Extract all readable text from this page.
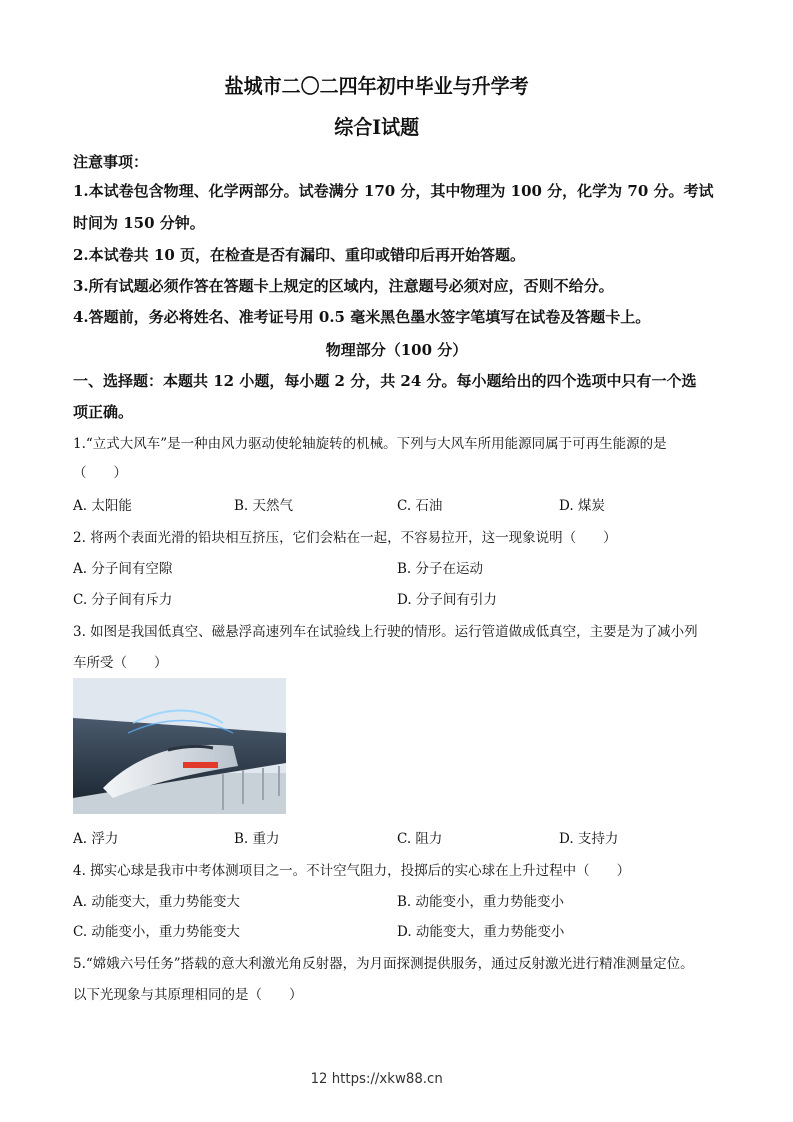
盐城市二〇二四年初中毕业与升学考
综合Ⅰ试题
注意事项：
1.本试卷包含物理、化学两部分。试卷满分 170 分，其中物理为 100 分，化学为 70 分。考试
时间为 150 分钟。
2.本试卷共 10 页，在检查是否有漏印、重印或错印后再开始答题。
3.所有试题必须作答在答题卡上规定的区域内，注意题号必须对应，否则不给分。
4.答题前，务必将姓名、准考证号用 0.5 毫米黑色墨水签字笔填写在试卷及答题卡上。
物理部分（100 分）
一、选择题：本题共 12 小题，每小题 2 分，共 24 分。每小题给出的四个选项中只有一个选
项正确。
1.“立式大风车”是一种由风力驱动使轮轴旋转的机械。下列与大风车所用能源同属于可再生能源的是
（　　）
A. 太阳能	B. 天然气	C. 石油	D. 煤炭
2. 将两个表面光滑的铅块相互挤压，它们会粘在一起，不容易拉开，这一现象说明（　　）
A. 分子间有空隙	B. 分子在运动
C. 分子间有斥力	D. 分子间有引力
3. 如图是我国低真空、磁悬浮高速列车在试验线上行驶的情形。运行管道做成低真空，主要是为了减小列
车所受（　　）
A. 浮力	B. 重力	C. 阻力	D. 支持力
4. 掷实心球是我市中考体测项目之一。不计空气阻力，投掷后的实心球在上升过程中（　　）
A. 动能变大，重力势能变大	B. 动能变小，重力势能变小
C. 动能变小，重力势能变大	D. 动能变大，重力势能变小
5.“嫦娥六号任务”搭载的意大利激光角反射器，为月面探测提供服务，通过反射激光进行精准测量定位。
以下光现象与其原理相同的是（　　）
12 https://xkw88.cn
